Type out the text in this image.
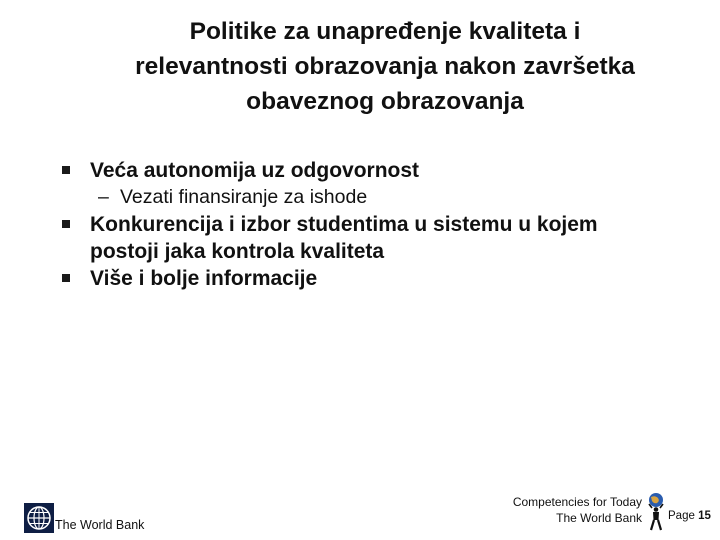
Politike za unapređenje kvaliteta i
relevantnosti obrazovanja nakon završetka
obaveznog obrazovanja
Veća autonomija uz odgovornost
– Vezati finansiranje za ishode
Konkurencija i izbor studentima u sistemu u kojem
postoji jaka kontrola kvaliteta
Više i bolje informacije
The World Bank
Competencies for Today
The World Bank Page 15
